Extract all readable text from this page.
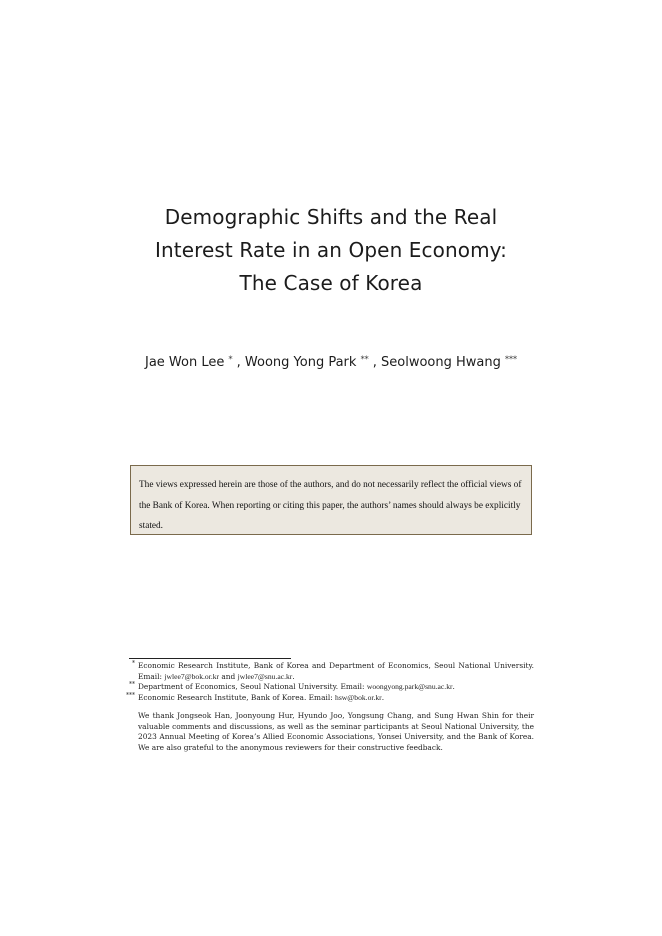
Demographic Shifts and the Real
Interest Rate in an Open Economy:
The Case of Korea
Jae Won Lee * , Woong Yong Park ** , Seolwoong Hwang ***
The views expressed herein are those of the authors, and do not necessarily reflect the official views of the Bank of Korea. When reporting or citing this paper, the authors’ names should always be explicitly stated.
* Economic Research Institute, Bank of Korea and Department of Economics, Seoul National University. Email: jwlee7@bok.or.kr and jwlee7@snu.ac.kr.
** Department of Economics, Seoul National University. Email: woongyong.park@snu.ac.kr.
*** Economic Research Institute, Bank of Korea. Email: hsw@bok.or.kr.
We thank Jongseok Han, Joonyoung Hur, Hyundo Joo, Yongsung Chang, and Sung Hwan Shin for their valuable comments and discussions, as well as the seminar participants at Seoul National University, the 2023 Annual Meeting of Korea’s Allied Economic Associations, Yonsei University, and the Bank of Korea. We are also grateful to the anonymous reviewers for their constructive feedback.
